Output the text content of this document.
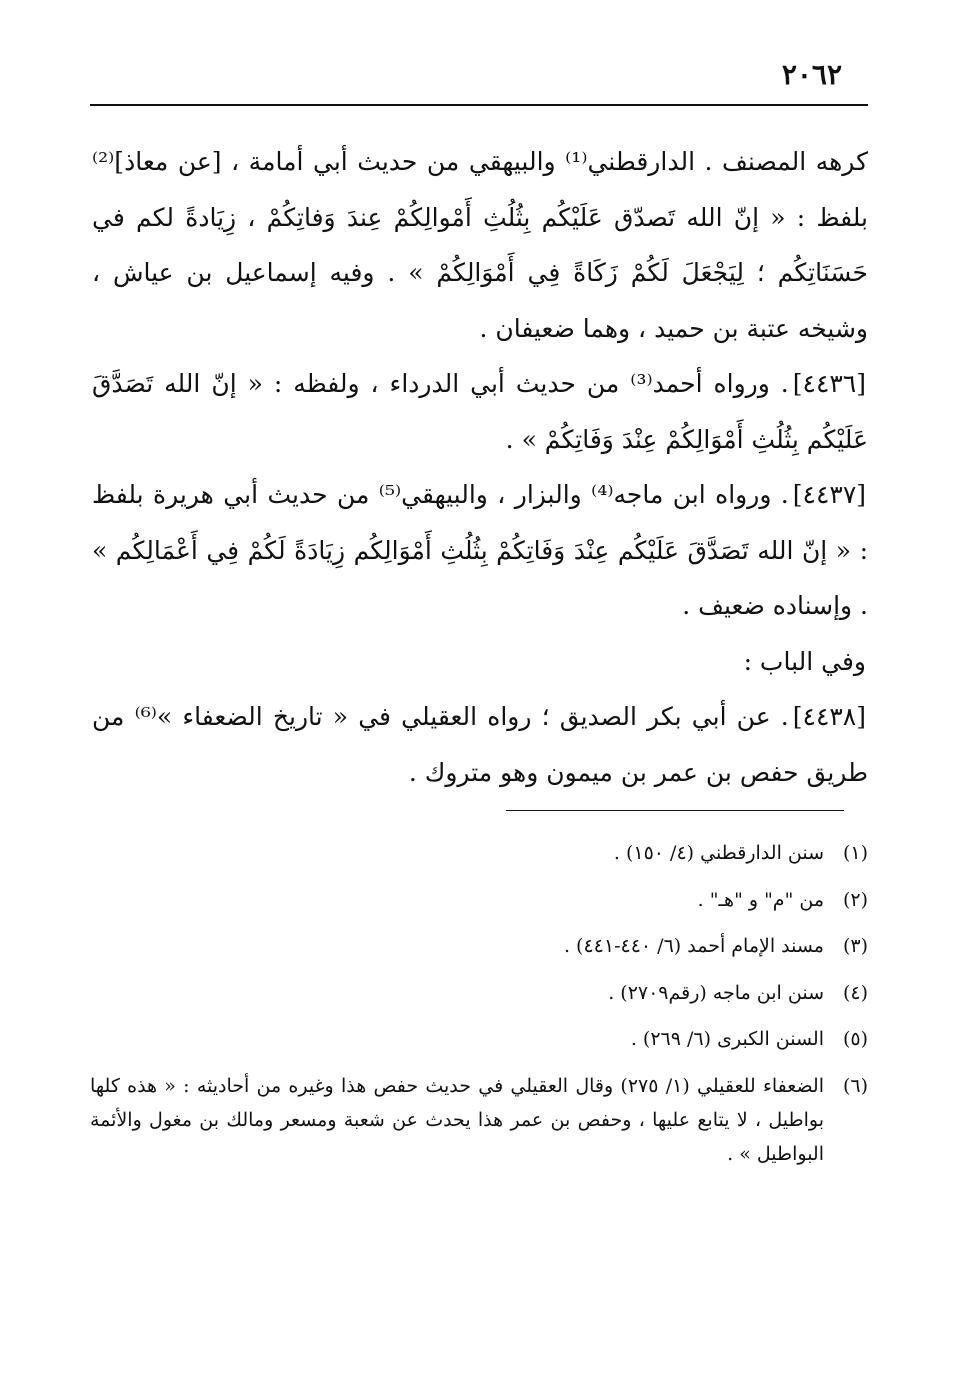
٢٠٦٢

كرهه المصنف . الدارقطني⁽¹⁾ والبيهقي من حديث أبي أمامة ، [عن معاذ]⁽²⁾ بلفظ : « إنّ الله تَصدّق عَلَيْكُم بِثُلُثِ أَمْوالِكُمْ عِندَ وَفاتِكُمْ ، زِيَادةً لكم في حَسَنَاتِكُم ؛ لِيَجْعَلَ لَكُمْ زَكَاةً فِي أَمْوَالِكُمْ » . وفيه إسماعيل بن عياش ، وشيخه عتبة بن حميد ، وهما ضعيفان .

[٤٤٣٦]. ورواه أحمد⁽³⁾ من حديث أبي الدرداء ، ولفظه : « إنّ الله تَصَدَّقَ عَلَيْكُم بِثُلُثِ أَمْوَالِكُمْ عِنْدَ وَفَاتِكُمْ » .

[٤٤٣٧]. ورواه ابن ماجه⁽⁴⁾ والبزار ، والبيهقي⁽⁵⁾ من حديث أبي هريرة بلفظ : « إنّ الله تَصَدَّقَ عَلَيْكُم عِنْدَ وَفَاتِكُمْ بِثُلُثِ أَمْوَالِكُم زِيَادَةً لَكُمْ فِي أَعْمَالِكُم » . وإسناده ضعيف .

وفي الباب :

[٤٤٣٨]. عن أبي بكر الصديق ؛ رواه العقيلي في « تاريخ الضعفاء »⁽⁶⁾ من طريق حفص بن عمر بن ميمون وهو متروك .

(١)
سنن الدارقطني (٤/ ١٥٠) .
(٢)
من "م" و "هـ" .
(٣)
مسند الإمام أحمد (٦/ ٤٤٠-٤٤١) .
(٤)
سنن ابن ماجه (رقم٢٧٠٩) .
(٥)
السنن الكبرى (٦/ ٢٦٩) .
(٦)
الضعفاء للعقيلي (١/ ٢٧٥) وقال العقيلي في حديث حفص هذا وغيره من أحاديثه : « هذه كلها بواطيل ، لا يتابع عليها ، وحفص بن عمر هذا يحدث عن شعبة ومسعر ومالك بن مغول والأئمة البواطيل » .
